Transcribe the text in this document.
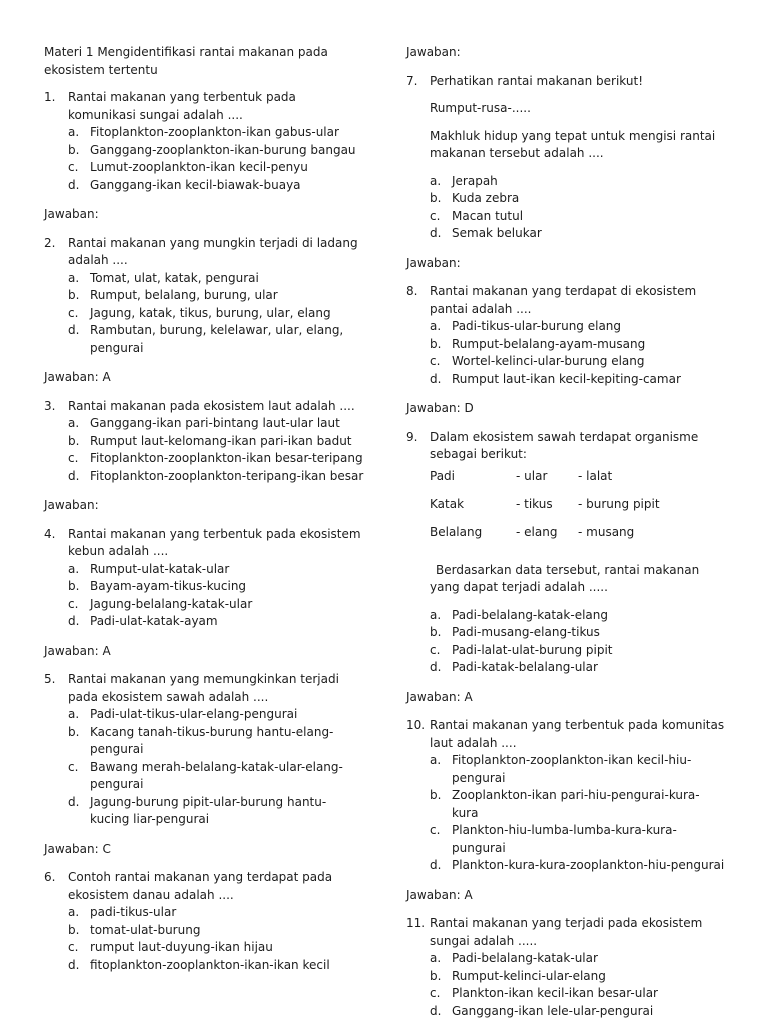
Materi 1 Mengidentifikasi rantai makanan pada ekosistem tertentu
1. Rantai makanan yang terbentuk pada komunikasi sungai adalah ....
a. Fitoplankton-zooplankton-ikan gabus-ular
b. Ganggang-zooplankton-ikan-burung bangau
c. Lumut-zooplankton-ikan kecil-penyu
d. Ganggang-ikan kecil-biawak-buaya
Jawaban:
2. Rantai makanan yang mungkin terjadi di ladang adalah ....
a. Tomat, ulat, katak, pengurai
b. Rumput, belalang, burung, ular
c. Jagung, katak, tikus, burung, ular, elang
d. Rambutan, burung, kelelawar, ular, elang, pengurai
Jawaban: A
3. Rantai makanan pada ekosistem laut adalah ....
a. Ganggang-ikan pari-bintang laut-ular laut
b. Rumput laut-kelomang-ikan pari-ikan badut
c. Fitoplankton-zooplankton-ikan besar-teripang
d. Fitoplankton-zooplankton-teripang-ikan besar
Jawaban:
4. Rantai makanan yang terbentuk pada ekosistem kebun adalah ....
a. Rumput-ulat-katak-ular
b. Bayam-ayam-tikus-kucing
c. Jagung-belalang-katak-ular
d. Padi-ulat-katak-ayam
Jawaban: A
5. Rantai makanan yang memungkinkan terjadi pada ekosistem sawah adalah ....
a. Padi-ulat-tikus-ular-elang-pengurai
b. Kacang tanah-tikus-burung hantu-elang-pengurai
c. Bawang merah-belalang-katak-ular-elang-pengurai
d. Jagung-burung pipit-ular-burung hantu-kucing liar-pengurai
Jawaban: C
6. Contoh rantai makanan yang terdapat pada ekosistem danau adalah ....
a. padi-tikus-ular
b. tomat-ulat-burung
c. rumput laut-duyung-ikan hijau
d. fitoplankton-zooplankton-ikan-ikan kecil
Jawaban:
7. Perhatikan rantai makanan berikut!
Rumput-rusa-.....
Makhluk hidup yang tepat untuk mengisi rantai makanan tersebut adalah ....
a. Jerapah
b. Kuda zebra
c. Macan tutul
d. Semak belukar
Jawaban:
8. Rantai makanan yang terdapat di ekosistem pantai adalah ....
a. Padi-tikus-ular-burung elang
b. Rumput-belalang-ayam-musang
c. Wortel-kelinci-ular-burung elang
d. Rumput laut-ikan kecil-kepiting-camar
Jawaban: D
9. Dalam ekosistem sawah terdapat organisme sebagai berikut:
Padi	- ular	- lalat
Katak	- tikus	- burung pipit
Belalang	- elang	- musang
Berdasarkan data tersebut, rantai makanan yang dapat terjadi adalah .....
a. Padi-belalang-katak-elang
b. Padi-musang-elang-tikus
c. Padi-lalat-ulat-burung pipit
d. Padi-katak-belalang-ular
Jawaban: A
10. Rantai makanan yang terbentuk pada komunitas laut adalah ....
a. Fitoplankton-zooplankton-ikan kecil-hiu-pengurai
b. Zooplankton-ikan pari-hiu-pengurai-kura-kura
c. Plankton-hiu-lumba-lumba-kura-kura-pungurai
d. Plankton-kura-kura-zooplankton-hiu-pengurai
Jawaban: A
11. Rantai makanan yang terjadi pada ekosistem sungai adalah .....
a. Padi-belalang-katak-ular
b. Rumput-kelinci-ular-elang
c. Plankton-ikan kecil-ikan besar-ular
d. Ganggang-ikan lele-ular-pengurai
